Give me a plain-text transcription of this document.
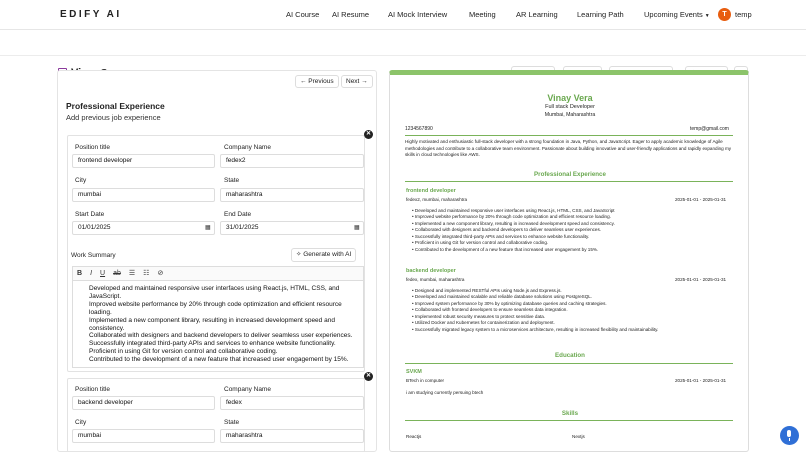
EDIFY AI	AI Course AI Resume	AI Mock Interview	Meeting	AR Learning	Learning Path	Upcoming Events ▼	T	temp
← Previous	Next →
Professional Experience
Add previous job experience
✕
Position title	Company Name
frontend developer	fedex2
City	State
mumbai	maharashtra
Start Date	End Date
01/01/2025	▦	31/01/2025	▦
Work Summary	✧ Generate with AI
B I U ab ☰ ☷ ⊘
Developed and maintained responsive user interfaces using React.js, HTML, CSS, and JavaScript.
Improved website performance by 20% through code optimization and efficient resource loading.
Implemented a new component library, resulting in increased development speed and consistency.
Collaborated with designers and backend developers to deliver seamless user experiences.
Successfully integrated third-party APIs and services to enhance website functionality.
Proficient in using Git for version control and collaborative coding.
Contributed to the development of a new feature that increased user engagement by 15%.
✕
Position title	Company Name
backend developer	fedex
City	State
mumbai	maharashtra
Vinay Vera
Full stack Developer
Mumbai, Maharashtra
1234567890	temp@gmail.com
Highly motivated and enthusiastic full-stack developer with a strong foundation in Java, Python, and JavaScript. Eager to apply academic knowledge of Agile methodologies and contribute to a collaborative team environment. Passionate about building innovative and user-friendly applications and rapidly expanding my skills in cloud technologies like AWS.
Professional Experience
frontend developer
fedex2, mumbai, maharashtra	2025-01-01 - 2025-01-31
• Developed and maintained responsive user interfaces using React.js, HTML, CSS, and JavaScript
• Improved website performance by 20% through code optimization and efficient resource loading.
• Implemented a new component library, resulting in increased development speed and consistency.
• Collaborated with designers and backend developers to deliver seamless user experiences.
• Successfully integrated third-party APIs and services to enhance website functionality.
• Proficient in using Git for version control and collaborative coding.
• Contributed to the development of a new feature that increased user engagement by 15%.
backend developer
fedex, mumbai, maharashtra	2025-01-01 - 2025-01-31
• Designed and implemented RESTful APIs using Node.js and Express.js.
• Developed and maintained scalable and reliable database solutions using PostgreSQL.
• Improved system performance by 30% by optimizing database queries and caching strategies.
• Collaborated with frontend developers to ensure seamless data integration.
• Implemented robust security measures to protect sensitive data.
• Utilized Docker and Kubernetes for containerization and deployment.
• Successfully migrated legacy system to a microservices architecture, resulting in increased flexibility and maintainability.
Education
SVKM
BTech in computer	2025-01-01 - 2025-01-31
i am studying currently persuing btech
Skills
Reactjs	Nextjs
